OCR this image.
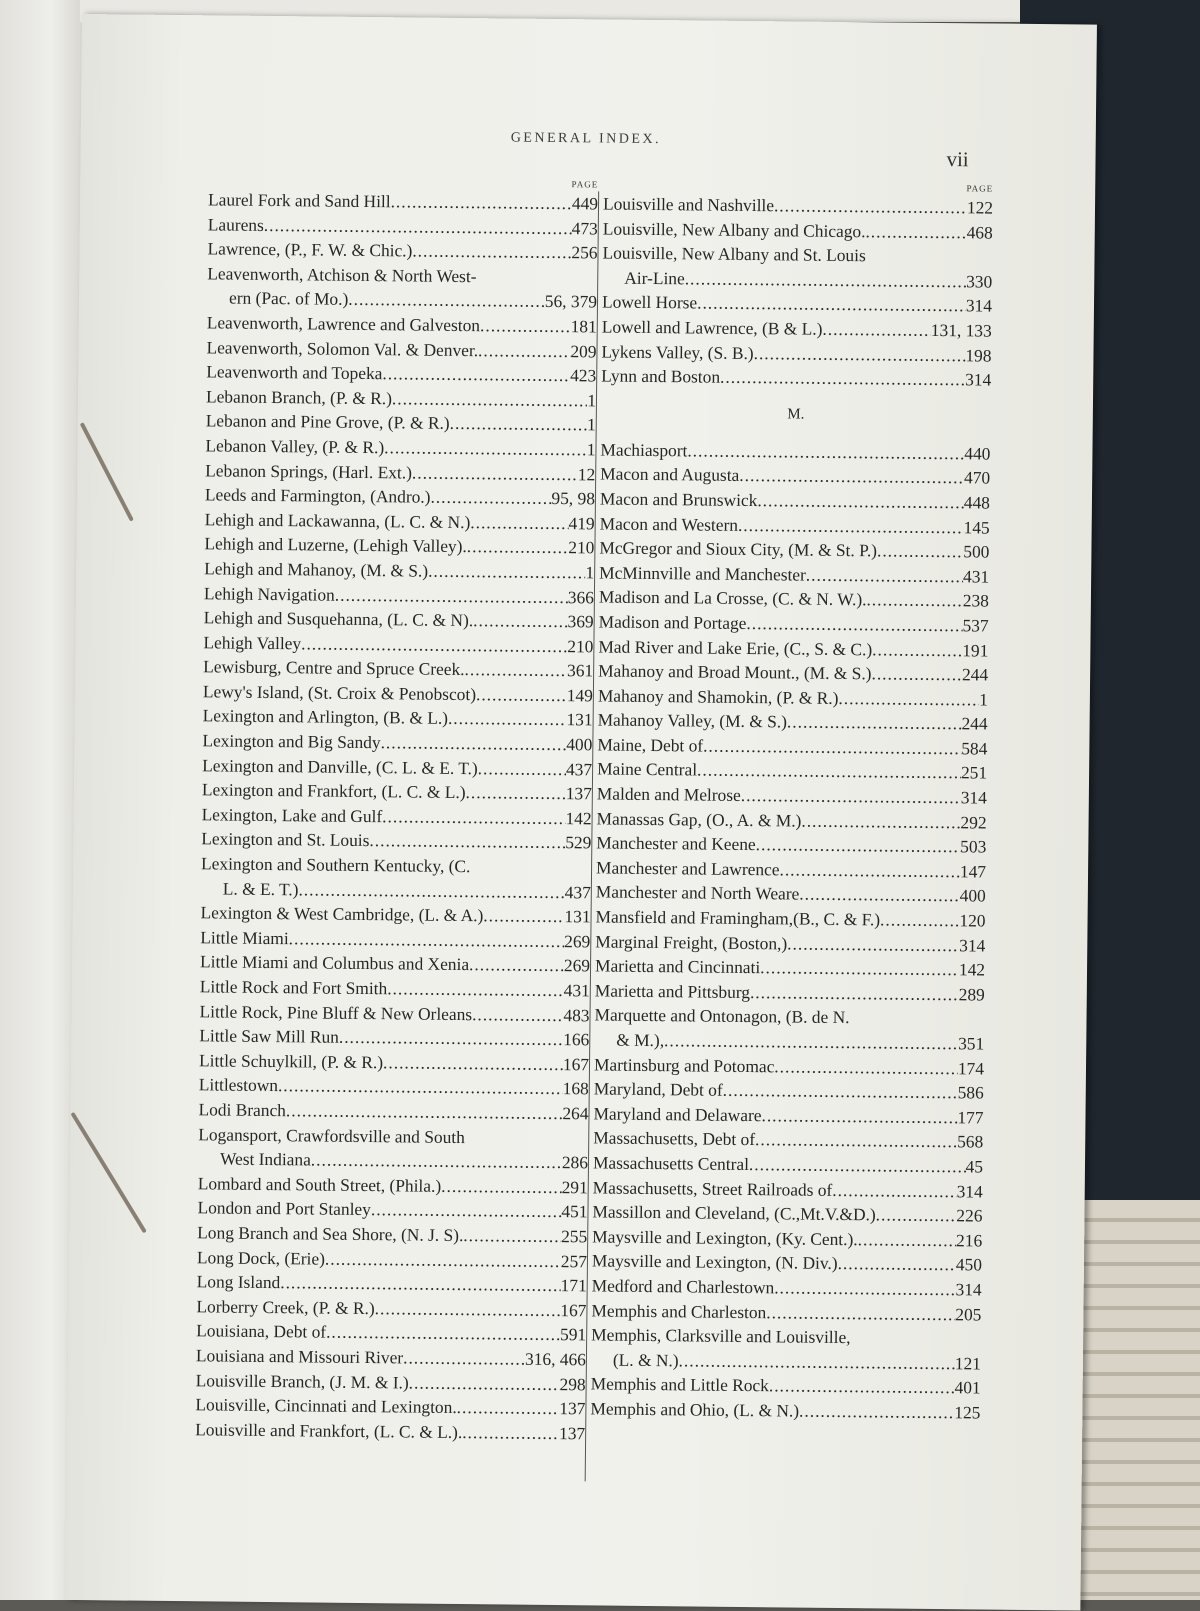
GENERAL INDEX.
vii
PAGE
Laurel Fork and Sand Hill .....	449
Laurens .....	473
Lawrence, (P., F. W. & Chic.) .....	256
Leavenworth, Atchison & North West-
ern (Pac. of Mo.) .....	56, 379
Leavenworth, Lawrence and Galveston .....	181
Leavenworth, Solomon Val. & Denver. .....	209
Leavenworth and Topeka .....	423
Lebanon Branch, (P. & R.) .....	1
Lebanon and Pine Grove, (P. & R.) .....	1
Lebanon Valley, (P. & R.) .....	1
Lebanon Springs, (Harl. Ext.) .....	12
Leeds and Farmington, (Andro.) .....	95, 98
Lehigh and Lackawanna, (L. C. & N.) .....	419
Lehigh and Luzerne, (Lehigh Valley). .....	210
Lehigh and Mahanoy, (M. & S.) .....	1
Lehigh Navigation .....	366
Lehigh and Susquehanna, (L. C. & N). .....	369
Lehigh Valley .....	210
Lewisburg, Centre and Spruce Creek. .....	361
Lewy's Island, (St. Croix & Penobscot) .....	149
Lexington and Arlington, (B. & L.) .....	131
Lexington and Big Sandy .....	400
Lexington and Danville, (C. L. & E. T.) .....	437
Lexington and Frankfort, (L. C. & L.) .....	137
Lexington, Lake and Gulf .....	142
Lexington and St. Louis .....	529
Lexington and Southern Kentucky, (C.
L. & E. T.) .....	437
Lexington & West Cambridge, (L. & A.) .....	131
Little Miami .....	269
Little Miami and Columbus and Xenia .....	269
Little Rock and Fort Smith .....	431
Little Rock, Pine Bluff & New Orleans .....	483
Little Saw Mill Run .....	166
Little Schuylkill, (P. & R.) .....	167
Littlestown .....	168
Lodi Branch .....	264
Logansport, Crawfordsville and South
West Indiana .....	286
Lombard and South Street, (Phila.) .....	291
London and Port Stanley .....	451
Long Branch and Sea Shore, (N. J. S). .....	255
Long Dock, (Erie) .....	257
Long Island .....	171
Lorberry Creek, (P. & R.) .....	167
Louisiana, Debt of .....	591
Louisiana and Missouri River .....	316, 466
Louisville Branch, (J. M. & I.) .....	298
Louisville, Cincinnati and Lexington. .....	137
Louisville and Frankfort, (L. C. & L.). .....	137
PAGE
Louisville and Nashville .....	122
Louisville, New Albany and Chicago. .....	468
Louisville, New Albany and St. Louis
Air-Line .....	330
Lowell Horse .....	314
Lowell and Lawrence, (B & L.) .....	131, 133
Lykens Valley, (S. B.) .....	198
Lynn and Boston .....	314
M.
Machiasport .....	440
Macon and Augusta .....	470
Macon and Brunswick .....	448
Macon and Western .....	145
McGregor and Sioux City, (M. & St. P.) .....	500
McMinnville and Manchester .....	431
Madison and La Crosse, (C. & N. W.). .....	238
Madison and Portage .....	537
Mad River and Lake Erie, (C., S. & C.) .....	191
Mahanoy and Broad Mount., (M. & S.) .....	244
Mahanoy and Shamokin, (P. & R.) .....	1
Mahanoy Valley, (M. & S.) .....	244
Maine, Debt of .....	584
Maine Central .....	251
Malden and Melrose .....	314
Manassas Gap, (O., A. & M.) .....	292
Manchester and Keene .....	503
Manchester and Lawrence .....	147
Manchester and North Weare .....	400
Mansfield and Framingham,(B., C. & F.) .....	120
Marginal Freight, (Boston,) .....	314
Marietta and Cincinnati .....	142
Marietta and Pittsburg .....	289
Marquette and Ontonagon, (B. de N.
& M.), .....	351
Martinsburg and Potomac .....	174
Maryland, Debt of .....	586
Maryland and Delaware .....	177
Massachusetts, Debt of .....	568
Massachusetts Central .....	45
Massachusetts, Street Railroads of .....	314
Massillon and Cleveland, (C.,Mt.V.&D.) .....	226
Maysville and Lexington, (Ky. Cent.). .....	216
Maysville and Lexington, (N. Div.) .....	450
Medford and Charlestown .....	314
Memphis and Charleston .....	205
Memphis, Clarksville and Louisville,
(L. & N.) .....	121
Memphis and Little Rock .....	401
Memphis and Ohio, (L. & N.) .....	125
